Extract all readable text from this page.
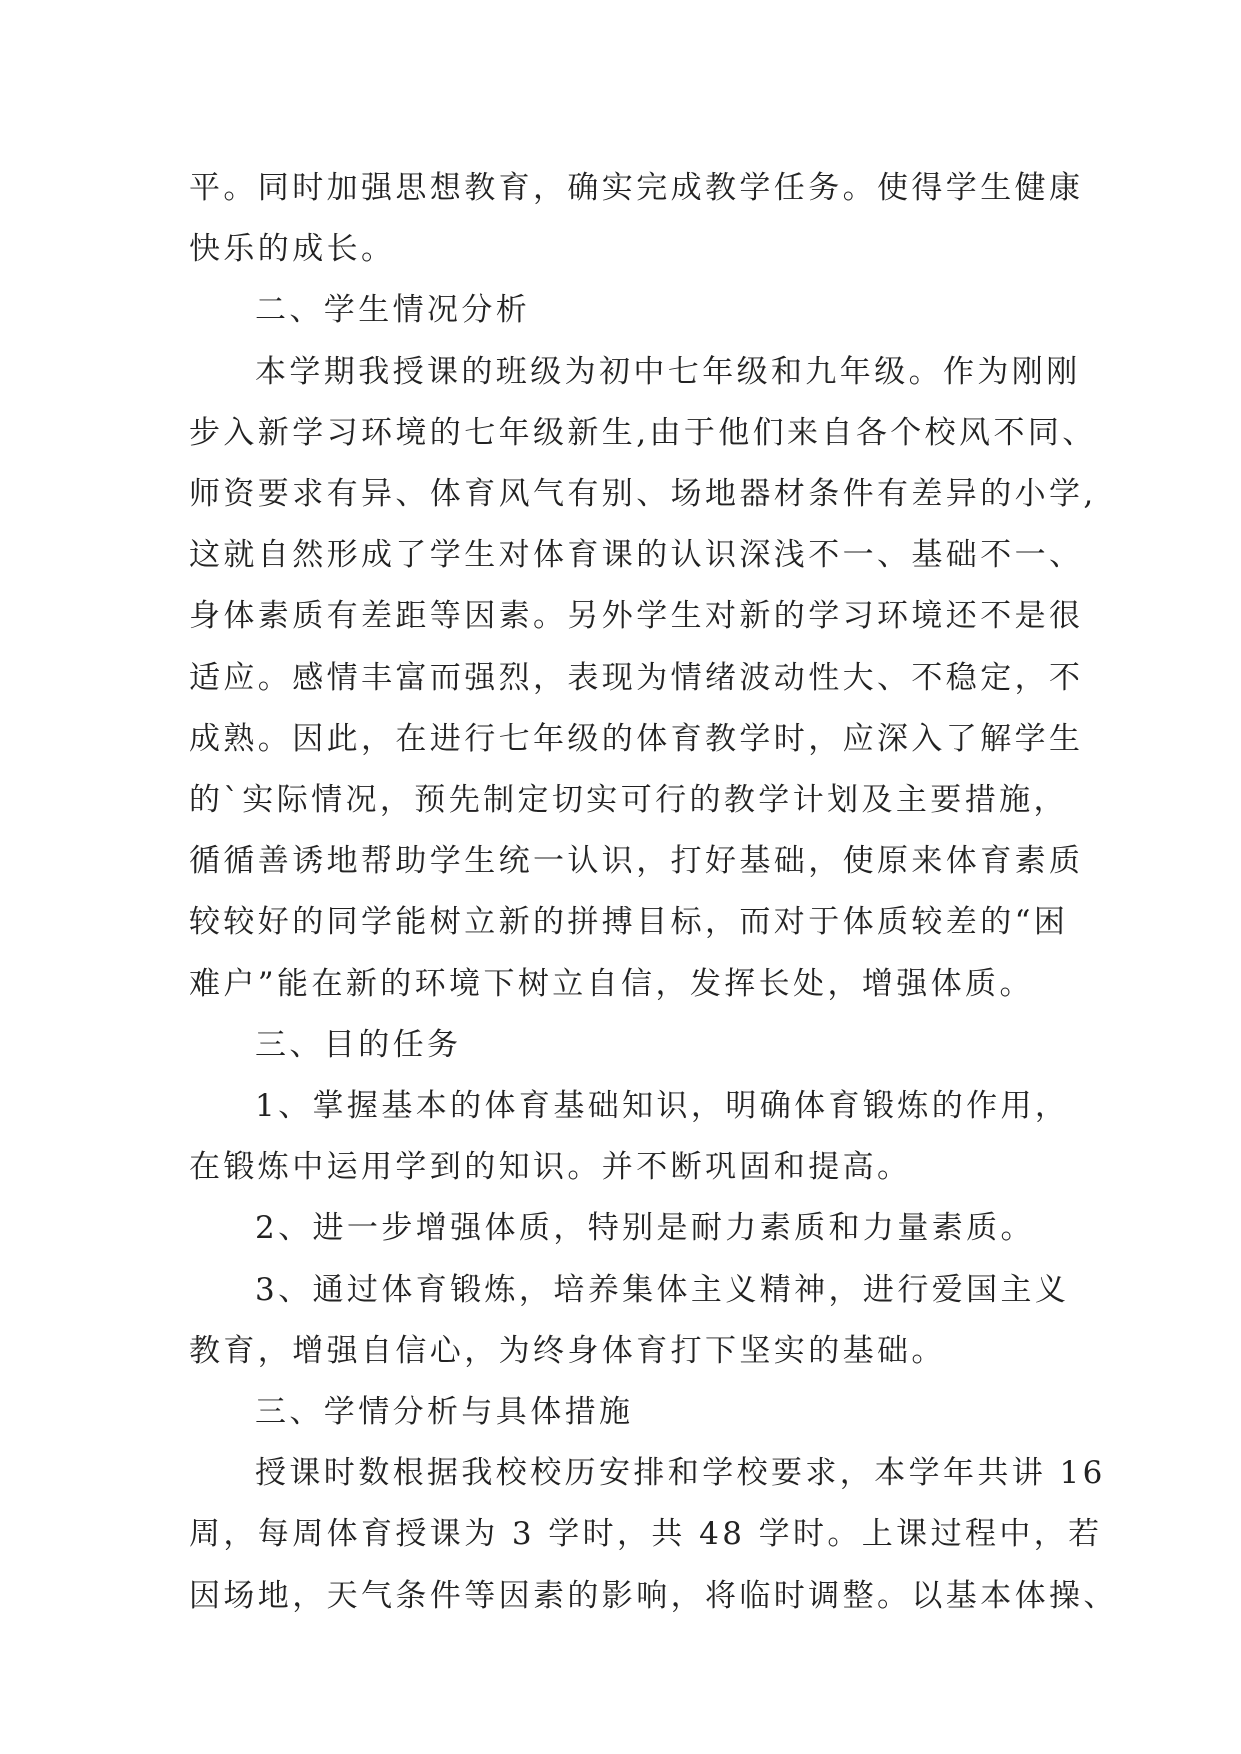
平。同时加强思想教育，确实完成教学任务。使得学生健康
快乐的成长。

二、学生情况分析

本学期我授课的班级为初中七年级和九年级。作为刚刚
步入新学习环境的七年级新生,由于他们来自各个校风不同、
师资要求有异、体育风气有别、场地器材条件有差异的小学,
这就自然形成了学生对体育课的认识深浅不一、基础不一、
身体素质有差距等因素。另外学生对新的学习环境还不是很
适应。感情丰富而强烈，表现为情绪波动性大、不稳定，不
成熟。因此，在进行七年级的体育教学时，应深入了解学生
的`实际情况，预先制定切实可行的教学计划及主要措施，
循循善诱地帮助学生统一认识，打好基础，使原来体育素质
较较好的同学能树立新的拼搏目标，而对于体质较差的“困
难户”能在新的环境下树立自信，发挥长处，增强体质。

三、目的任务

1、掌握基本的体育基础知识，明确体育锻炼的作用，
在锻炼中运用学到的知识。并不断巩固和提高。

2、进一步增强体质，特别是耐力素质和力量素质。

3、通过体育锻炼，培养集体主义精神，进行爱国主义
教育，增强自信心，为终身体育打下坚实的基础。

三、学情分析与具体措施

授课时数根据我校校历安排和学校要求，本学年共讲 16
周，每周体育授课为 3 学时，共 48 学时。上课过程中，若
因场地，天气条件等因素的影响，将临时调整。以基本体操、
